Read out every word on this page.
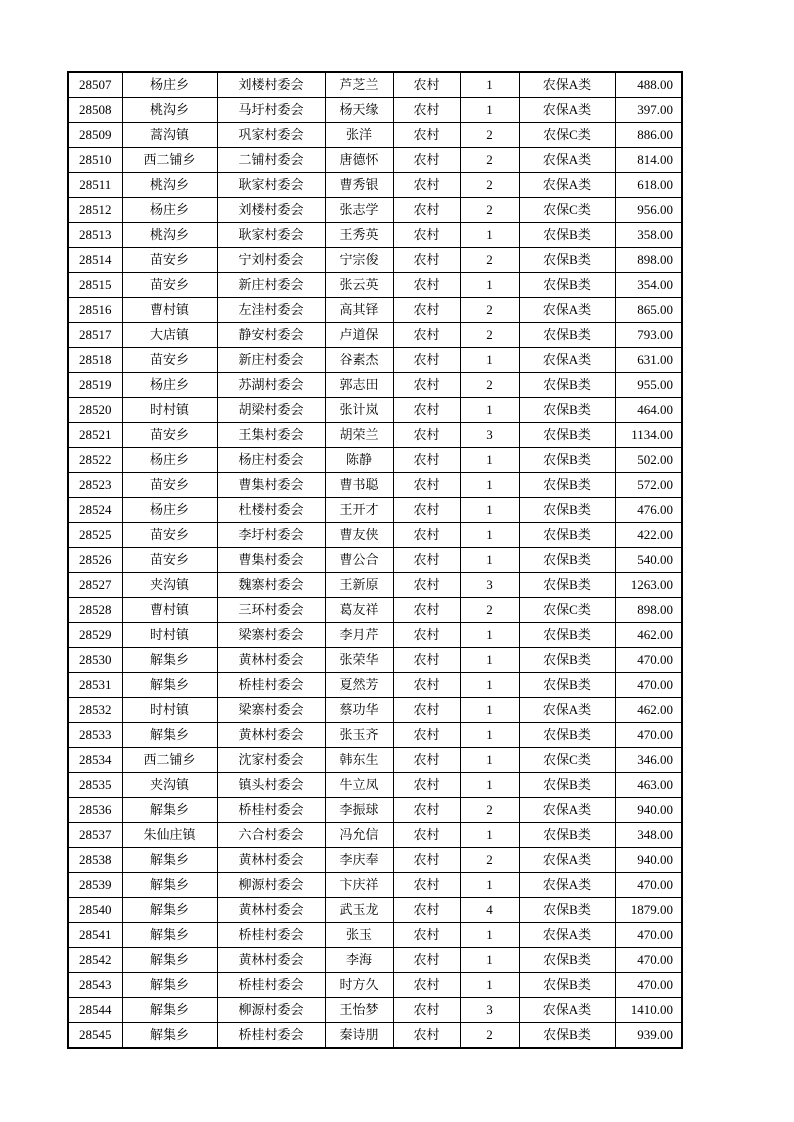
28507	杨庄乡	刘楼村委会	芦芝兰	农村	1	农保A类	488.00
28508	桃沟乡	马圩村委会	杨天缘	农村	1	农保A类	397.00
28509	蒿沟镇	巩家村委会	张洋	农村	2	农保C类	886.00
28510	西二铺乡	二铺村委会	唐德怀	农村	2	农保A类	814.00
28511	桃沟乡	耿家村委会	曹秀银	农村	2	农保A类	618.00
28512	杨庄乡	刘楼村委会	张志学	农村	2	农保C类	956.00
28513	桃沟乡	耿家村委会	王秀英	农村	1	农保B类	358.00
28514	苗安乡	宁刘村委会	宁宗俊	农村	2	农保B类	898.00
28515	苗安乡	新庄村委会	张云英	农村	1	农保B类	354.00
28516	曹村镇	左洼村委会	高其铎	农村	2	农保A类	865.00
28517	大店镇	静安村委会	卢道保	农村	2	农保B类	793.00
28518	苗安乡	新庄村委会	谷素杰	农村	1	农保A类	631.00
28519	杨庄乡	苏湖村委会	郭志田	农村	2	农保B类	955.00
28520	时村镇	胡梁村委会	张计岚	农村	1	农保B类	464.00
28521	苗安乡	王集村委会	胡荣兰	农村	3	农保B类	1134.00
28522	杨庄乡	杨庄村委会	陈静	农村	1	农保B类	502.00
28523	苗安乡	曹集村委会	曹书聪	农村	1	农保B类	572.00
28524	杨庄乡	杜楼村委会	王开才	农村	1	农保B类	476.00
28525	苗安乡	李圩村委会	曹友侠	农村	1	农保B类	422.00
28526	苗安乡	曹集村委会	曹公合	农村	1	农保B类	540.00
28527	夹沟镇	魏寨村委会	王新原	农村	3	农保B类	1263.00
28528	曹村镇	三环村委会	葛友祥	农村	2	农保C类	898.00
28529	时村镇	梁寨村委会	李月芹	农村	1	农保B类	462.00
28530	解集乡	黄林村委会	张荣华	农村	1	农保B类	470.00
28531	解集乡	桥桂村委会	夏然芳	农村	1	农保B类	470.00
28532	时村镇	梁寨村委会	蔡功华	农村	1	农保A类	462.00
28533	解集乡	黄林村委会	张玉齐	农村	1	农保B类	470.00
28534	西二铺乡	沈家村委会	韩东生	农村	1	农保C类	346.00
28535	夹沟镇	镇头村委会	牛立凤	农村	1	农保B类	463.00
28536	解集乡	桥桂村委会	李振球	农村	2	农保A类	940.00
28537	朱仙庄镇	六合村委会	冯允信	农村	1	农保B类	348.00
28538	解集乡	黄林村委会	李庆奉	农村	2	农保A类	940.00
28539	解集乡	柳源村委会	卞庆祥	农村	1	农保A类	470.00
28540	解集乡	黄林村委会	武玉龙	农村	4	农保B类	1879.00
28541	解集乡	桥桂村委会	张玉	农村	1	农保A类	470.00
28542	解集乡	黄林村委会	李海	农村	1	农保B类	470.00
28543	解集乡	桥桂村委会	时方久	农村	1	农保B类	470.00
28544	解集乡	柳源村委会	王怡梦	农村	3	农保A类	1410.00
28545	解集乡	桥桂村委会	秦诗朋	农村	2	农保B类	939.00
